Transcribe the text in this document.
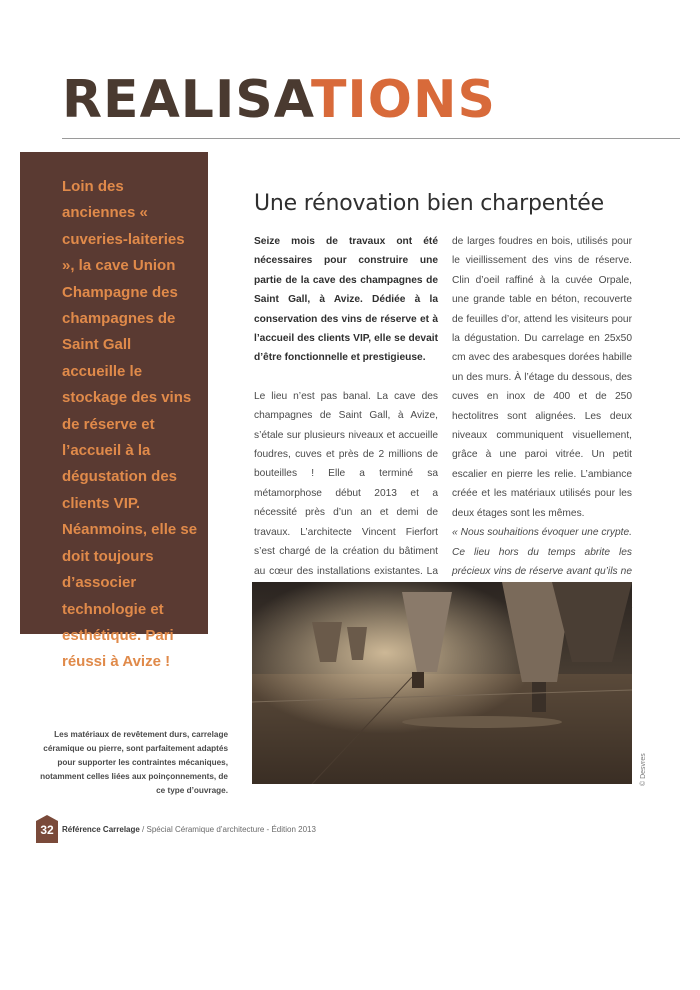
REALISATIONS

Loin des anciennes « cuveries-laiteries », la cave Union Champagne des champagnes de Saint Gall accueille le stockage des vins de réserve et l’accueil à la dégustation des clients VIP. Néanmoins, elle se doit toujours d’associer technologie et esthétique. Pari réussi à Avize !

Une rénovation bien charpentée

Seize mois de travaux ont été nécessaires pour construire une partie de la cave des champagnes de Saint Gall, à Avize. Dédiée à la conservation des vins de réserve et à l’accueil des clients VIP, elle se devait d’être fonctionnelle et prestigieuse.

Le lieu n’est pas banal. La cave des champagnes de Saint Gall, à Avize, s’étale sur plusieurs niveaux et accueille foudres, cuves et près de 2 millions de bouteilles ! Elle a terminé sa métamorphose début 2013 et a nécessité près d’un an et demi de travaux. L’architecte Vincent Fierfort s’est chargé de la création du bâtiment au cœur des installations existantes. La

de larges foudres en bois, utilisés pour le vieillissement des vins de réserve. Clin d’oeil raffiné à la cuvée Orpale, une grande table en béton, recouverte de feuilles d’or, attend les visiteurs pour la dégustation. Du carrelage en 25x50 cm avec des arabesques dorées habille un des murs. À l’étage du dessous, des cuves en inox de 400 et de 250 hectolitres sont alignées. Les deux niveaux communiquent visuellement, grâce à une paroi vitrée. Un petit escalier en pierre les relie. L’ambiance créée et les matériaux utilisés pour les deux étages sont les mêmes.

« Nous souhaitions évoquer une crypte. Ce lieu hors du temps abrite les précieux vins de réserve avant qu’ils ne

© Desvres
Les matériaux de revêtement durs, carrelage céramique ou pierre, sont parfaitement adaptés pour supporter les contraintes mécaniques, notamment celles liées aux poinçonnements, de ce type d’ouvrage.
32	Référence Carrelage / Spécial Céramique d’architecture - Édition 2013
